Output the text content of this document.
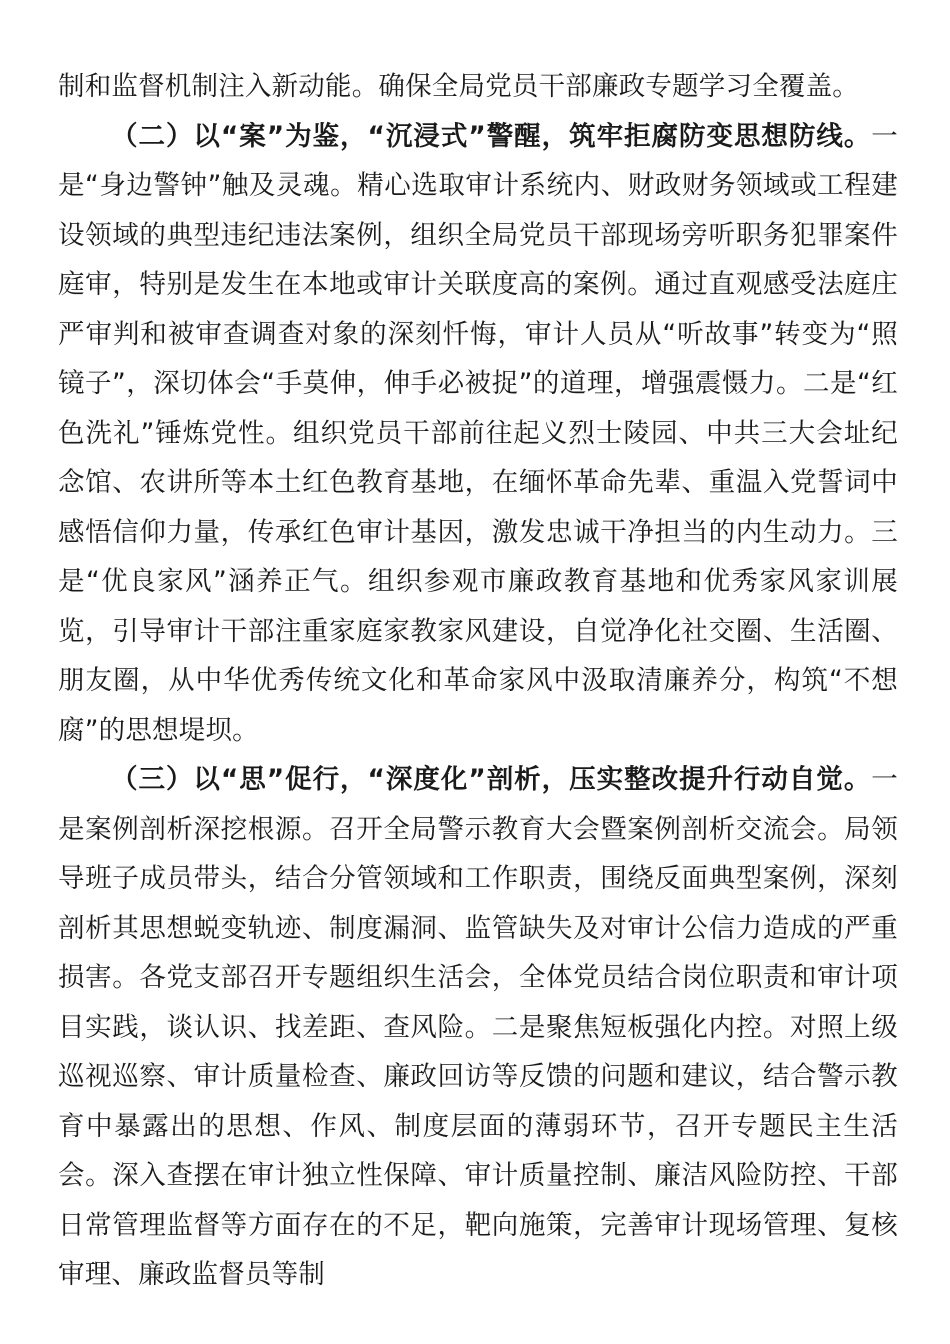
制和监督机制注入新动能。确保全局党员干部廉政专题学习全覆盖。

（二）以“案”为鉴，“沉浸式”警醒，筑牢拒腐防变思想防线。一是“身边警钟”触及灵魂。精心选取审计系统内、财政财务领域或工程建设领域的典型违纪违法案例，组织全局党员干部现场旁听职务犯罪案件庭审，特别是发生在本地或审计关联度高的案例。通过直观感受法庭庄严审判和被审查调查对象的深刻忏悔，审计人员从“听故事”转变为“照镜子”，深切体会“手莫伸，伸手必被捉”的道理，增强震慑力。二是“红色洗礼”锤炼党性。组织党员干部前往起义烈士陵园、中共三大会址纪念馆、农讲所等本土红色教育基地，在缅怀革命先辈、重温入党誓词中感悟信仰力量，传承红色审计基因，激发忠诚干净担当的内生动力。三是“优良家风”涵养正气。组织参观市廉政教育基地和优秀家风家训展览，引导审计干部注重家庭家教家风建设，自觉净化社交圈、生活圈、朋友圈，从中华优秀传统文化和革命家风中汲取清廉养分，构筑“不想腐”的思想堤坝。

（三）以“思”促行，“深度化”剖析，压实整改提升行动自觉。一是案例剖析深挖根源。召开全局警示教育大会暨案例剖析交流会。局领导班子成员带头，结合分管领域和工作职责，围绕反面典型案例，深刻剖析其思想蜕变轨迹、制度漏洞、监管缺失及对审计公信力造成的严重损害。各党支部召开专题组织生活会，全体党员结合岗位职责和审计项目实践，谈认识、找差距、查风险。二是聚焦短板强化内控。对照上级巡视巡察、审计质量检查、廉政回访等反馈的问题和建议，结合警示教育中暴露出的思想、作风、制度层面的薄弱环节，召开专题民主生活会。深入查摆在审计独立性保障、审计质量控制、廉洁风险防控、干部日常管理监督等方面存在的不足，靶向施策，完善审计现场管理、复核审理、廉政监督员等制
